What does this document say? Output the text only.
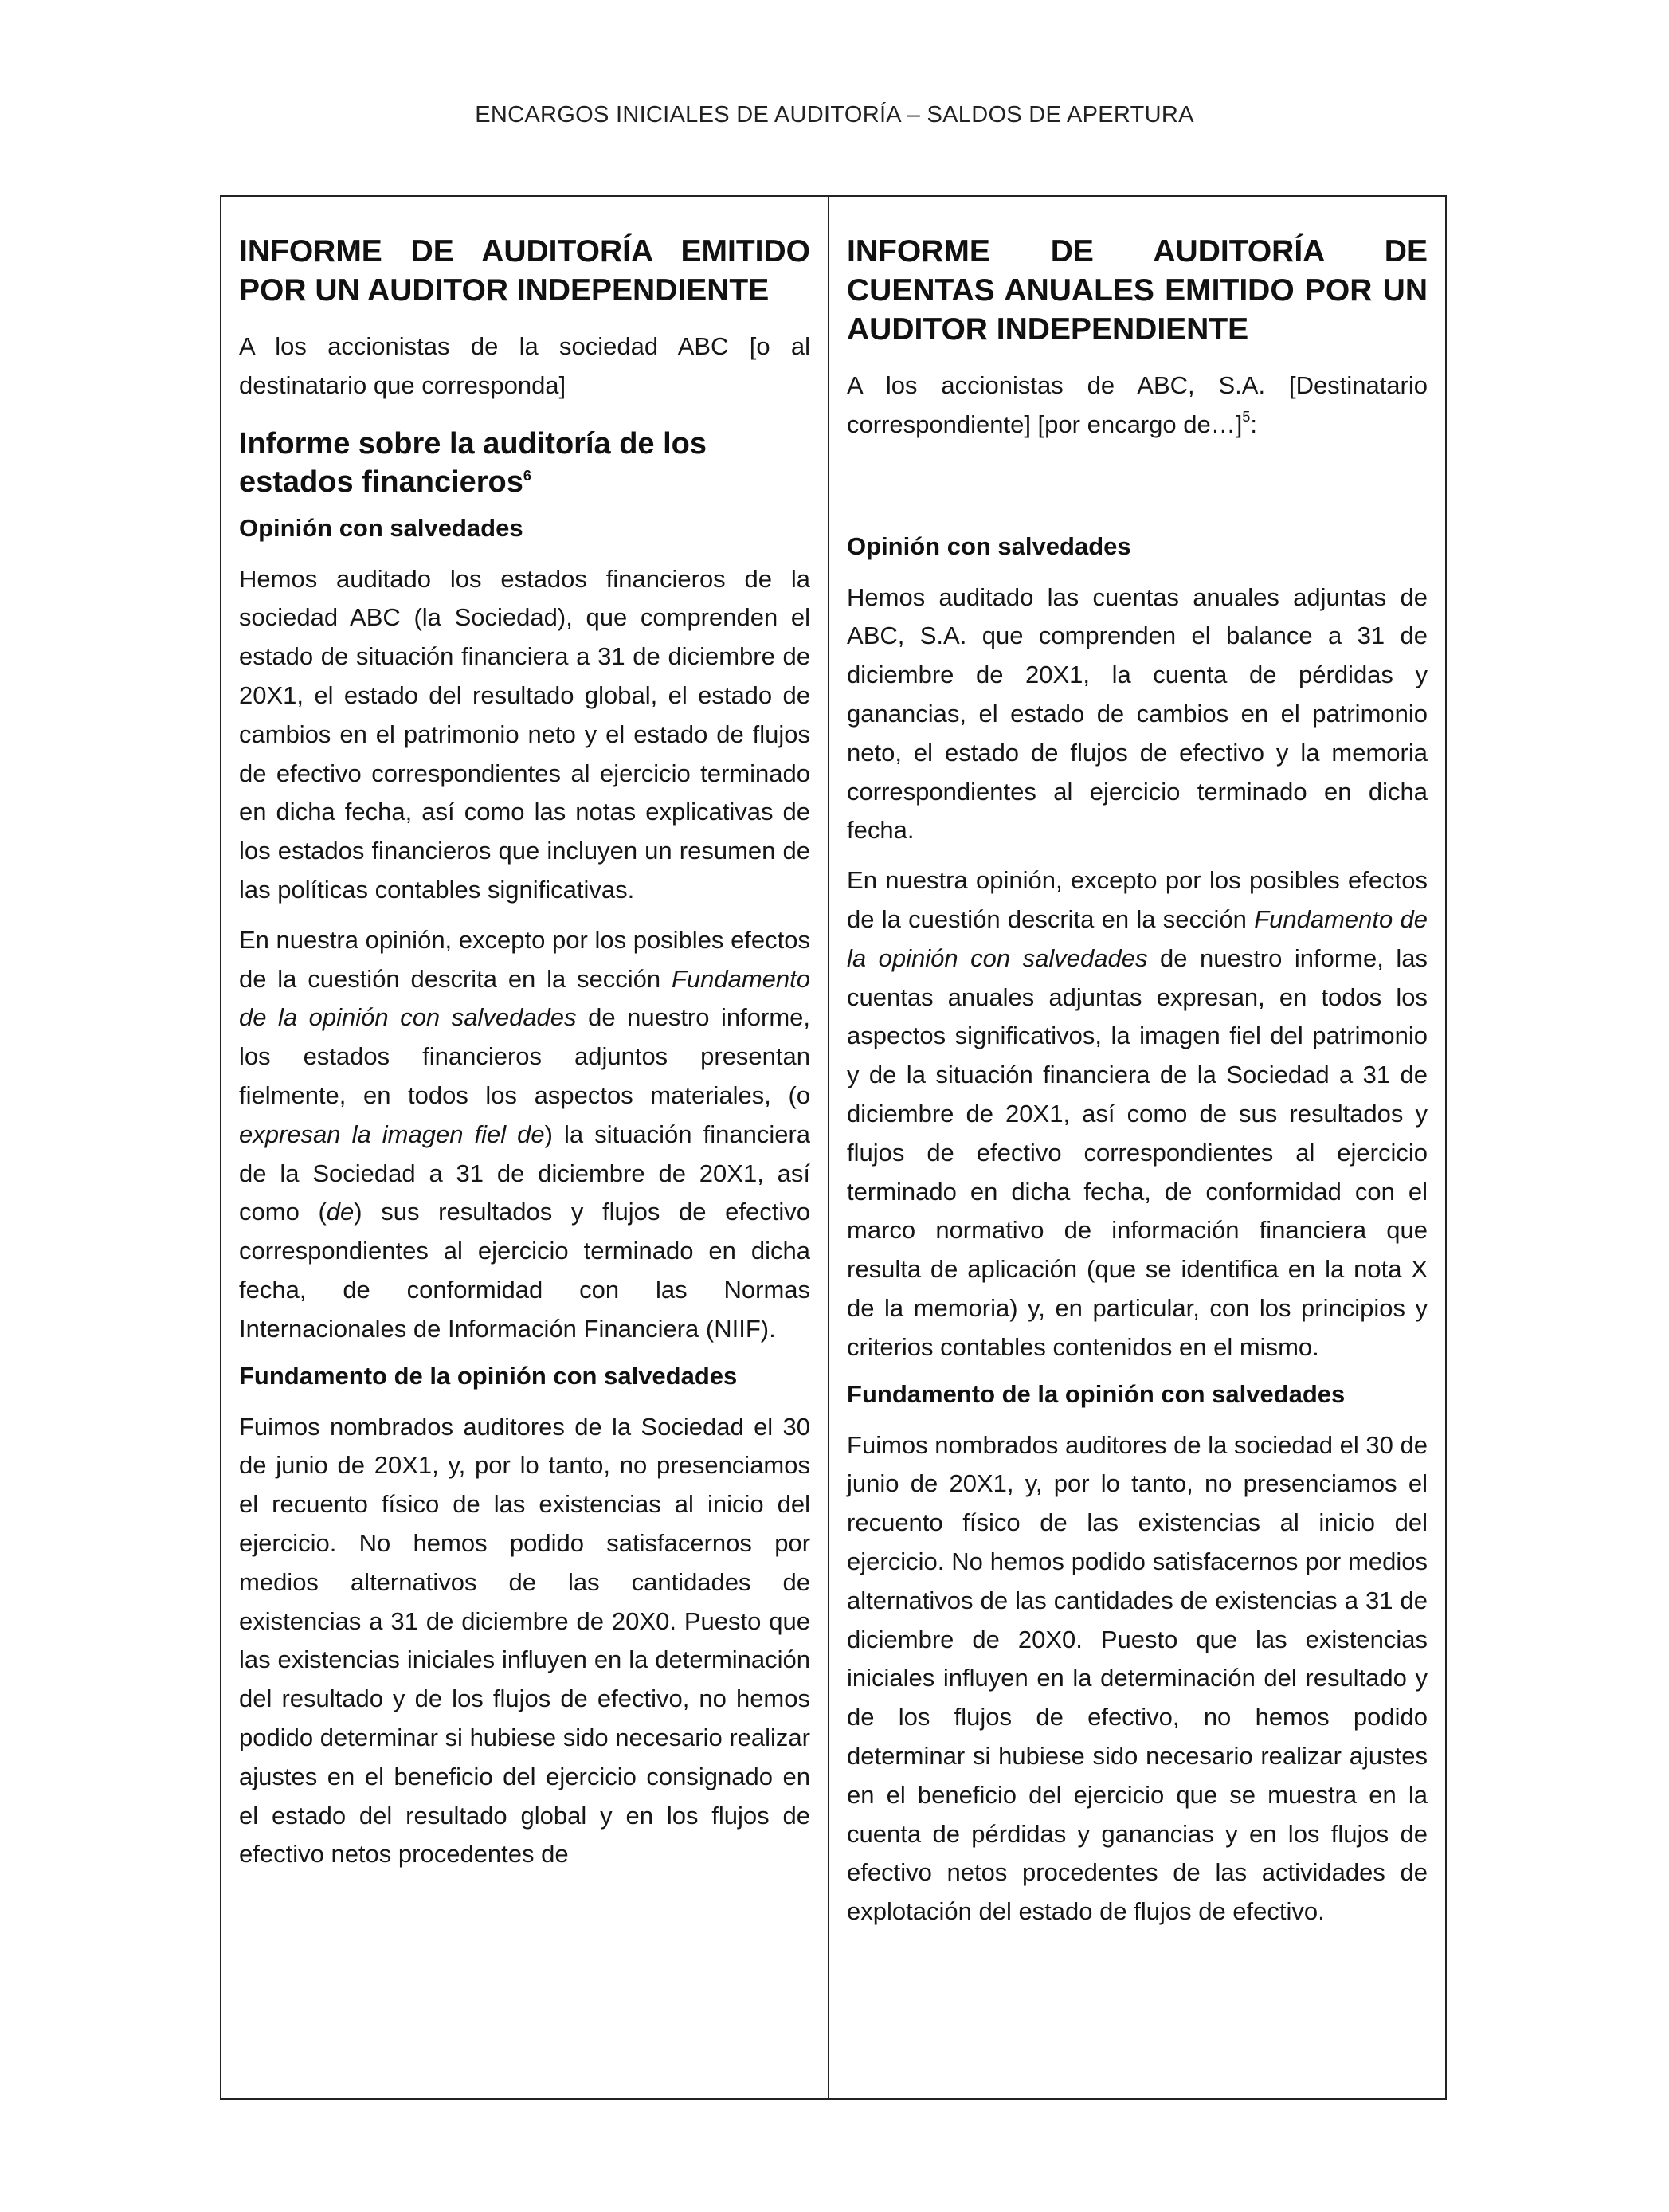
ENCARGOS INICIALES DE AUDITORÍA – SALDOS DE APERTURA
INFORME DE AUDITORÍA EMITIDO POR UN AUDITOR INDEPENDIENTE

A los accionistas de la sociedad ABC [o al destinatario que corresponda]

Informe sobre la auditoría de los estados financieros$^6$
Opinión con salvedades

Hemos auditado los estados financieros de la sociedad ABC (la Sociedad), que comprenden el estado de situación financiera a 31 de diciembre de 20X1, el estado del resultado global, el estado de cambios en el patrimonio neto y el estado de flujos de efectivo correspondientes al ejercicio terminado en dicha fecha, así como las notas explicativas de los estados financieros que incluyen un resumen de las políticas contables significativas.

En nuestra opinión, excepto por los posibles efectos de la cuestión descrita en la sección Fundamento de la opinión con salvedades de nuestro informe, los estados financieros adjuntos presentan fielmente, en todos los aspectos materiales, (o expresan la imagen fiel de) la situación financiera de la Sociedad a 31 de diciembre de 20X1, así como (de) sus resultados y flujos de efectivo correspondientes al ejercicio terminado en dicha fecha, de conformidad con las Normas Internacionales de Información Financiera (NIIF).

Fundamento de la opinión con salvedades

Fuimos nombrados auditores de la Sociedad el 30 de junio de 20X1, y, por lo tanto, no presenciamos el recuento físico de las existencias al inicio del ejercicio. No hemos podido satisfacernos por medios alternativos de las cantidades de existencias a 31 de diciembre de 20X0. Puesto que las existencias iniciales influyen en la determinación del resultado y de los flujos de efectivo, no hemos podido determinar si hubiese sido necesario realizar ajustes en el beneficio del ejercicio consignado en el estado del resultado global y en los flujos de efectivo netos procedentes de

INFORME DE AUDITORÍA DE CUENTAS ANUALES EMITIDO POR UN AUDITOR INDEPENDIENTE

A los accionistas de ABC, S.A. [Destinatario correspondiente] [por encargo de…]$^5$:

Opinión con salvedades

Hemos auditado las cuentas anuales adjuntas de ABC, S.A. que comprenden el balance a 31 de diciembre de 20X1, la cuenta de pérdidas y ganancias, el estado de cambios en el patrimonio neto, el estado de flujos de efectivo y la memoria correspondientes al ejercicio terminado en dicha fecha.

En nuestra opinión, excepto por los posibles efectos de la cuestión descrita en la sección Fundamento de la opinión con salvedades de nuestro informe, las cuentas anuales adjuntas expresan, en todos los aspectos significativos, la imagen fiel del patrimonio y de la situación financiera de la Sociedad a 31 de diciembre de 20X1, así como de sus resultados y flujos de efectivo correspondientes al ejercicio terminado en dicha fecha, de conformidad con el marco normativo de información financiera que resulta de aplicación (que se identifica en la nota X de la memoria) y, en particular, con los principios y criterios contables contenidos en el mismo.

Fundamento de la opinión con salvedades

Fuimos nombrados auditores de la sociedad el 30 de junio de 20X1, y, por lo tanto, no presenciamos el recuento físico de las existencias al inicio del ejercicio. No hemos podido satisfacernos por medios alternativos de las cantidades de existencias a 31 de diciembre de 20X0. Puesto que las existencias iniciales influyen en la determinación del resultado y de los flujos de efectivo, no hemos podido determinar si hubiese sido necesario realizar ajustes en el beneficio del ejercicio que se muestra en la cuenta de pérdidas y ganancias y en los flujos de efectivo netos procedentes de las actividades de explotación del estado de flujos de efectivo.
